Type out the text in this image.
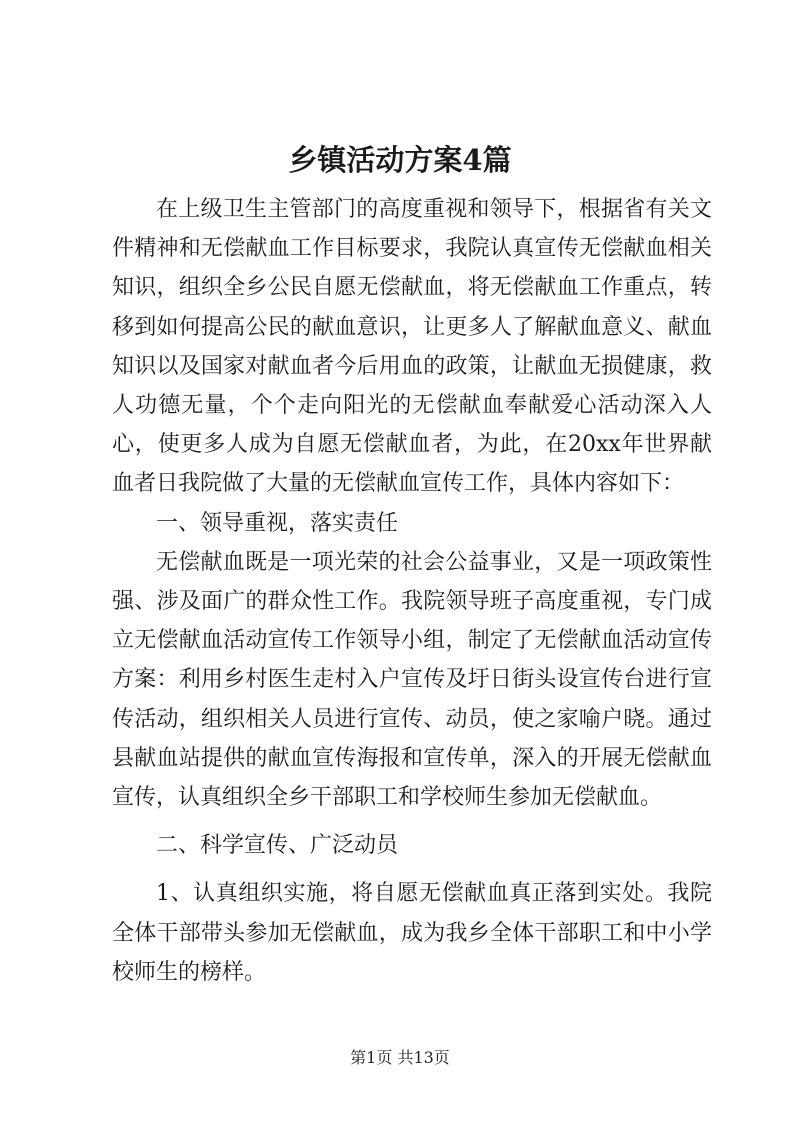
乡镇活动方案4篇

在上级卫生主管部门的高度重视和领导下，根据省有关文件精神和无偿献血工作目标要求，我院认真宣传无偿献血相关知识，组织全乡公民自愿无偿献血，将无偿献血工作重点，转移到如何提高公民的献血意识，让更多人了解献血意义、献血知识以及国家对献血者今后用血的政策，让献血无损健康，救人功德无量，个个走向阳光的无偿献血奉献爱心活动深入人心，使更多人成为自愿无偿献血者，为此，在20xx年世界献血者日我院做了大量的无偿献血宣传工作，具体内容如下：

一、领导重视，落实责任

无偿献血既是一项光荣的社会公益事业，又是一项政策性强、涉及面广的群众性工作。我院领导班子高度重视，专门成立无偿献血活动宣传工作领导小组，制定了无偿献血活动宣传方案：利用乡村医生走村入户宣传及圩日街头设宣传台进行宣传活动，组织相关人员进行宣传、动员，使之家喻户晓。通过县献血站提供的献血宣传海报和宣传单，深入的开展无偿献血宣传，认真组织全乡干部职工和学校师生参加无偿献血。

二、科学宣传、广泛动员

1、认真组织实施，将自愿无偿献血真正落到实处。我院全体干部带头参加无偿献血，成为我乡全体干部职工和中小学校师生的榜样。

第1页 共13页
